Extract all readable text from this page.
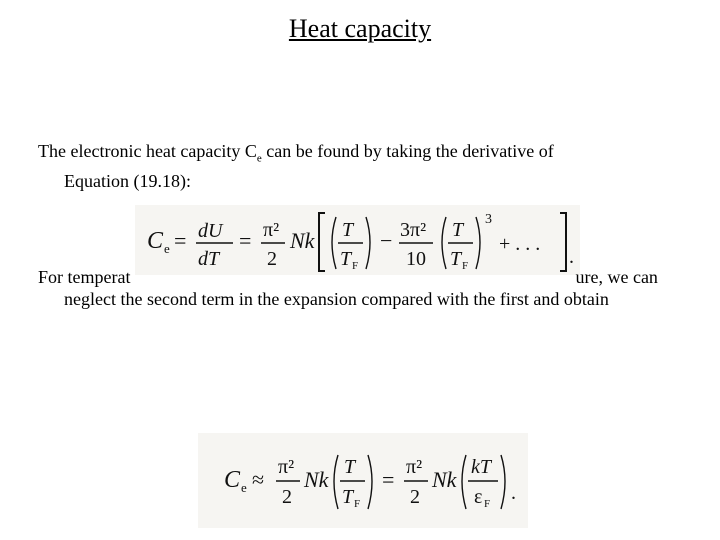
Heat capacity
The electronic heat capacity $C_e$ can be found by taking the derivative of
Equation (19.18):
C e = dU
dT
= π²
2
Nk T
T F
− 3π²
10
T
T F
3
+ . . .
.
For temperat	ure, we can
neglect the second term in the expansion compared with the first and obtain
C e ≈ π²
2
Nk T
T F
= π²
2
Nk kT
ε F .
